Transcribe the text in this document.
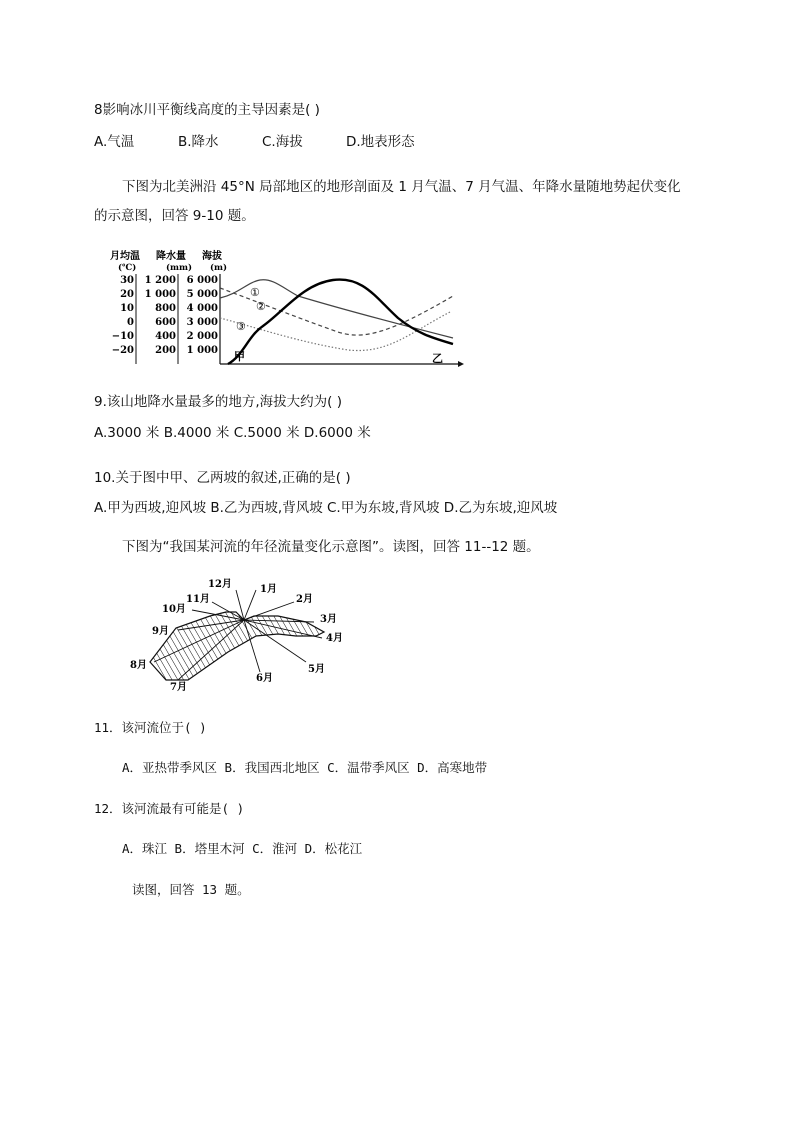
8影响冰川平衡线高度的主导因素是( )
A.气温	B.降水	C.海拔	D.地表形态
下图为北美洲沿 45°N 局部地区的地形剖面及 1 月气温、7 月气温、年降水量随地势起伏变化
的示意图，回答 9-10 题。
月均温 降水量 海拔
(℃)	(mm) (m)
30
20
10
0
−10
−20
1 200
1 000
800
600
400
200
6 000
5 000
4 000
3 000
2 000
1 000
①
②
③
甲	乙
9.该山地降水量最多的地方,海拔大约为( )
A.3000 米 B.4000 米 C.5000 米 D.6000 米
10.关于图中甲、乙两坡的叙述,正确的是( )
A.甲为西坡,迎风坡 B.乙为西坡,背风坡 C.甲为东坡,背风坡 D.乙为东坡,迎风坡
下图为“我国某河流的年径流量变化示意图”。读图，回答 11--12 题。
1月
2月
3月
4月
5月
6月
7月
8月
9月
10月
11月
12月
11．该河流位于( )
A．亚热带季风区 B．我国西北地区 C．温带季风区 D．高寒地带
12．该河流最有可能是( )
A．珠江 B．塔里木河 C．淮河 D．松花江
读图，回答 13 题。
